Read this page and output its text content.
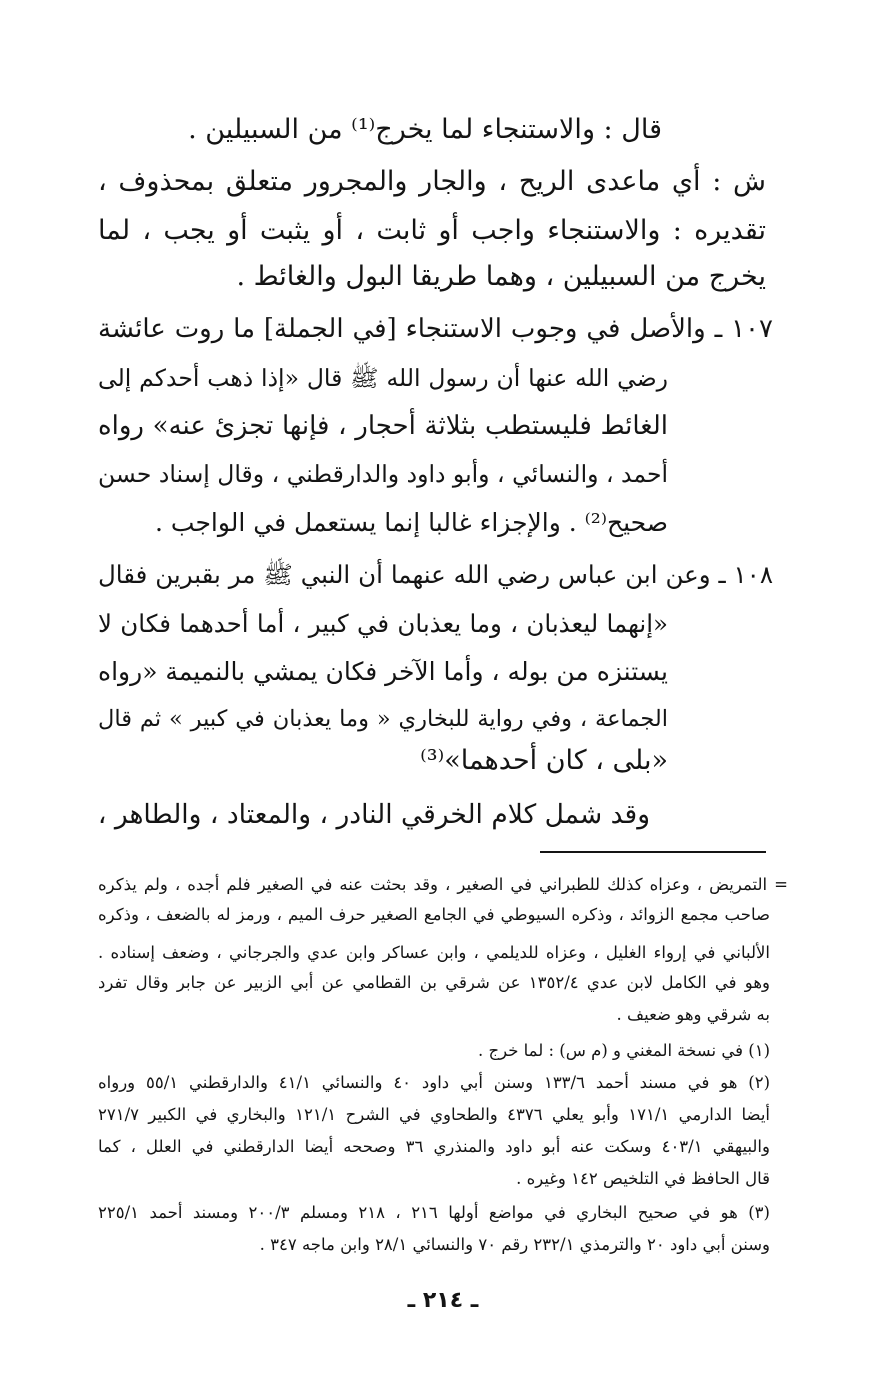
قال : والاستنجاء لما يخرج⁽¹⁾ من السبيلين .
ش : أي ماعدى الريح ، والجار والمجرور متعلق بمحذوف ،
تقديره : والاستنجاء واجب أو ثابت ، أو يثبت أو يجب ، لما
يخرج من السبيلين ، وهما طريقا البول والغائط .
١٠٧ ـ والأصل في وجوب الاستنجاء [في الجملة] ما روت عائشة
رضي الله عنها أن رسول الله ﷺ قال «إذا ذهب أحدكم إلى
الغائط فليستطب بثلاثة أحجار ، فإنها تجزئ عنه» رواه
أحمد ، والنسائي ، وأبو داود والدارقطني ، وقال إسناد حسن
صحيح⁽²⁾ . والإجزاء غالبا إنما يستعمل في الواجب .
١٠٨ ـ وعن ابن عباس رضي الله عنهما أن النبي ﷺ مر بقبرين فقال
«إنهما ليعذبان ، وما يعذبان في كبير ، أما أحدهما فكان لا
يستنزه من بوله ، وأما الآخر فكان يمشي بالنميمة «رواه
الجماعة ، وفي رواية للبخاري « وما يعذبان في كبير » ثم قال
«بلى ، كان أحدهما»⁽³⁾
وقد شمل كلام الخرقي النادر ، والمعتاد ، والطاهر ،
= التمريض ، وعزاه كذلك للطبراني في الصغير ، وقد بحثت عنه في الصغير فلم أجده ، ولم يذكره
صاحب مجمع الزوائد ، وذكره السيوطي في الجامع الصغير حرف الميم ، ورمز له بالضعف ، وذكره
الألباني في إرواء الغليل ، وعزاه للديلمي ، وابن عساكر وابن عدي والجرجاني ، وضعف إسناده .
وهو في الكامل لابن عدي ١٣٥٢/٤ عن شرقي بن القطامي عن أبي الزبير عن جابر وقال تفرد
به شرقي وهو ضعيف .
(١) في نسخة المغني و (م س) : لما خرج .
(٢) هو في مسند أحمد ١٣٣/٦ وسنن أبي داود ٤٠ والنسائي ٤١/١ والدارقطني ٥٥/١ ورواه
أيضا الدارمي ١٧١/١ وأبو يعلي ٤٣٧٦ والطحاوي في الشرح ١٢١/١ والبخاري في الكبير ٢٧١/٧
والبيهقي ٤٠٣/١ وسكت عنه أبو داود والمنذري ٣٦ وصححه أيضا الدارقطني في العلل ، كما
قال الحافظ في التلخيص ١٤٢ وغيره .
(٣) هو في صحيح البخاري في مواضع أولها ٢١٦ ، ٢١٨ ومسلم ٢٠٠/٣ ومسند أحمد ٢٢٥/١
وسنن أبي داود ٢٠ والترمذي ٢٣٢/١ رقم ٧٠ والنسائي ٢٨/١ وابن ماجه ٣٤٧ .
ـ ٢١٤ ـ
